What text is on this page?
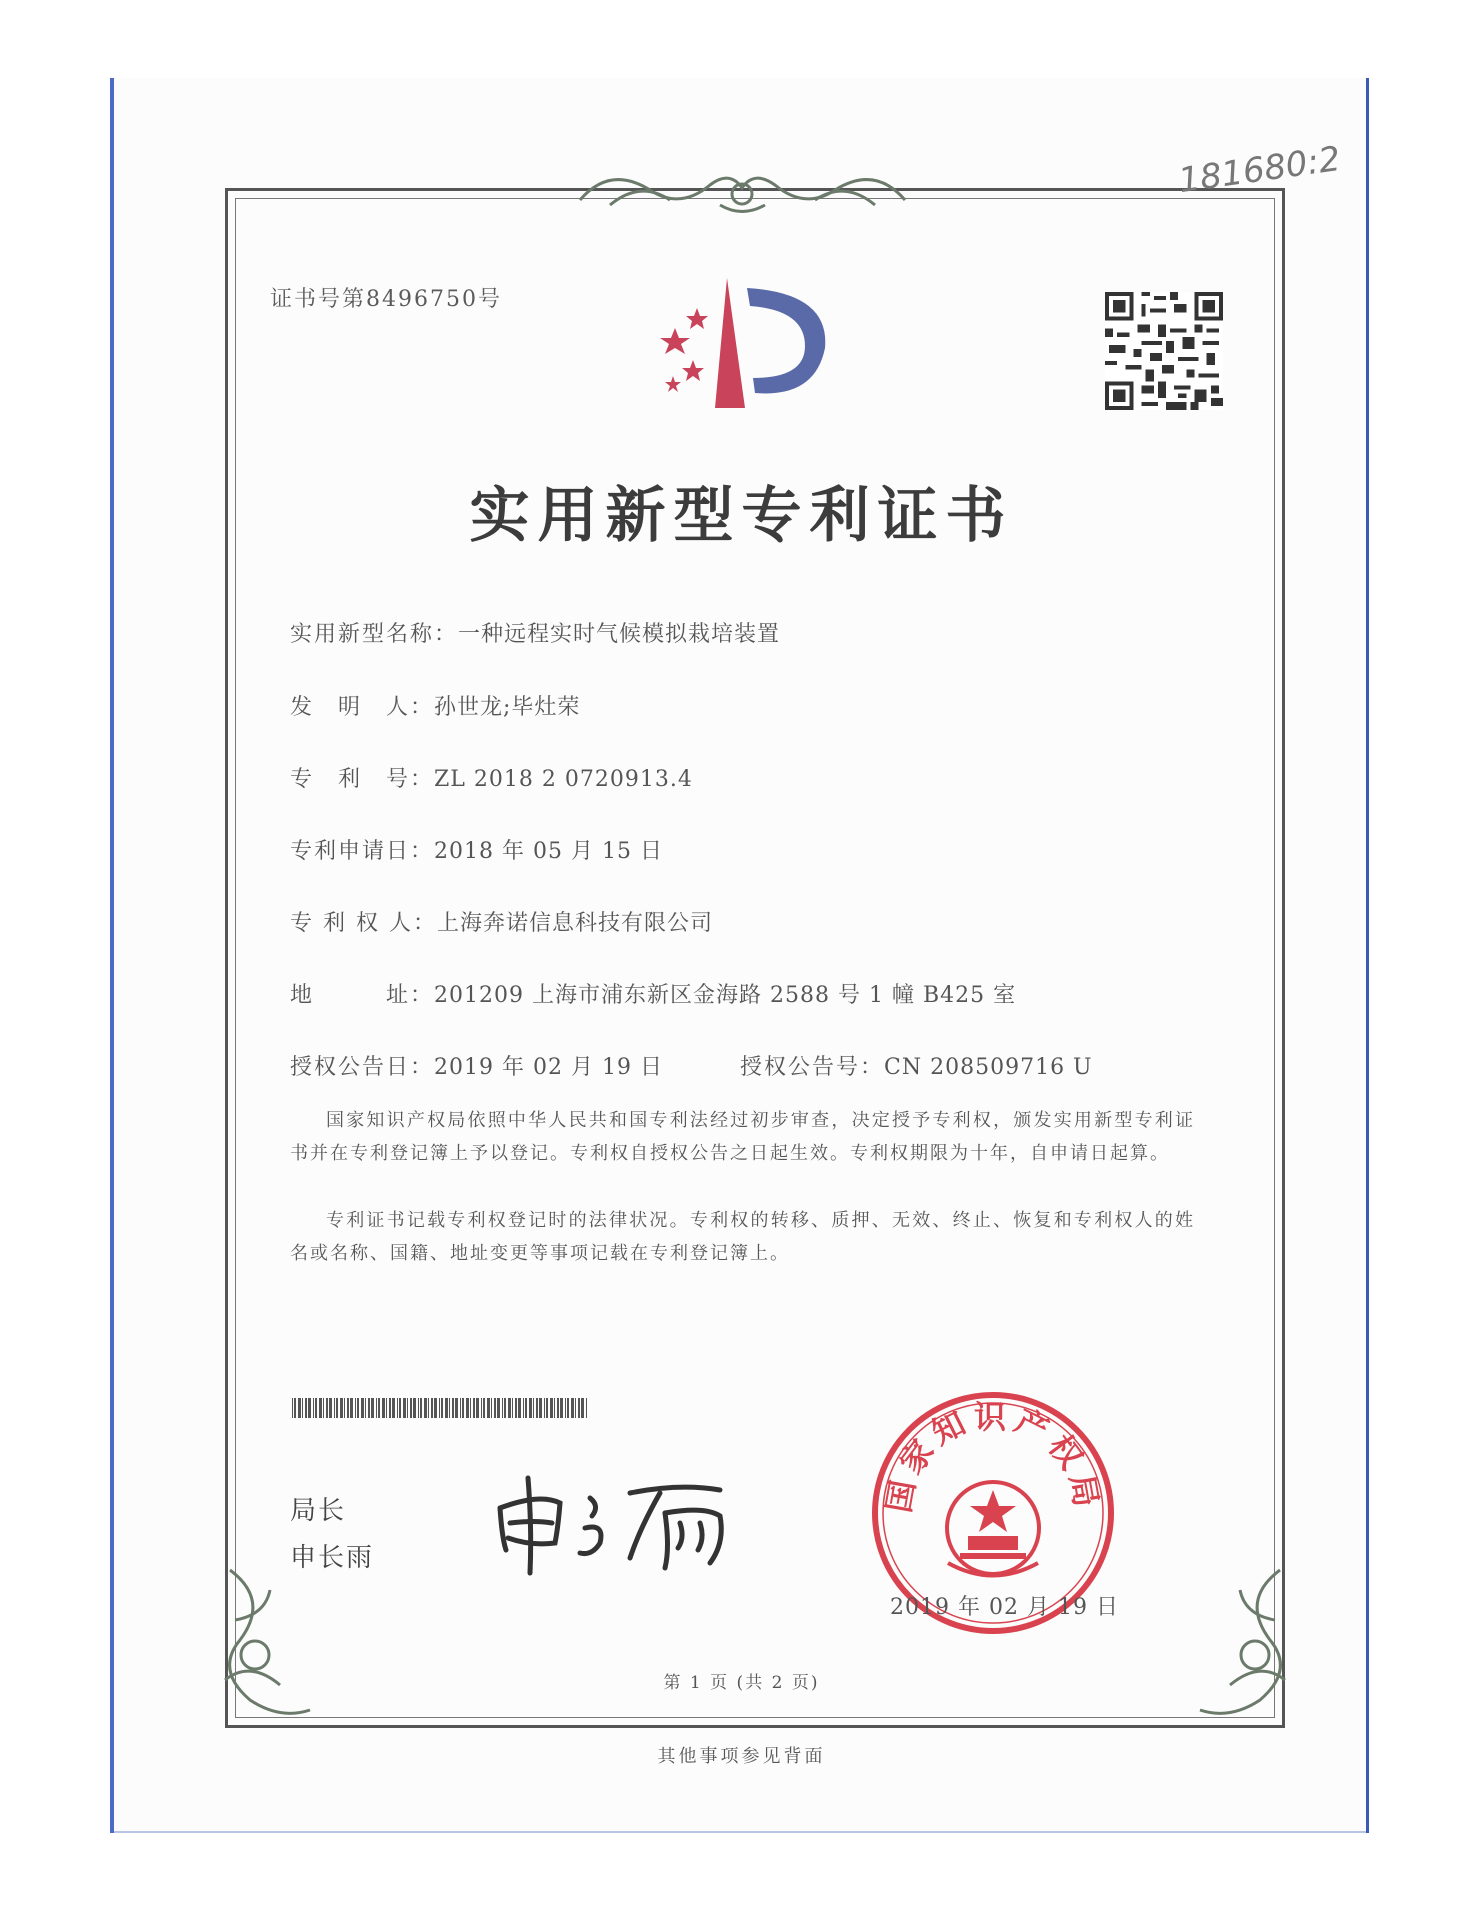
181680:2
证书号第8496750号
实用新型专利证书
实用新型名称：一种远程实时气候模拟栽培装置
发　明　人：孙世龙;毕灶荣
专　利　号：ZL 2018 2 0720913.4
专利申请日：2018 年 05 月 15 日
专 利 权 人：上海奔诺信息科技有限公司
地　　　址：201209 上海市浦东新区金海路 2588 号 1 幢 B425 室
授权公告日：2019 年 02 月 19 日	授权公告号：CN 208509716 U
国家知识产权局依照中华人民共和国专利法经过初步审查，决定授予专利权，颁发实用新型专利证书并在专利登记簿上予以登记。专利权自授权公告之日起生效。专利权期限为十年，自申请日起算。
专利证书记载专利权登记时的法律状况。专利权的转移、质押、无效、终止、恢复和专利权人的姓名或名称、国籍、地址变更等事项记载在专利登记簿上。
局长
申长雨
国家知识产权局
2019 年 02 月 19 日
第 1 页 (共 2 页)
其他事项参见背面
